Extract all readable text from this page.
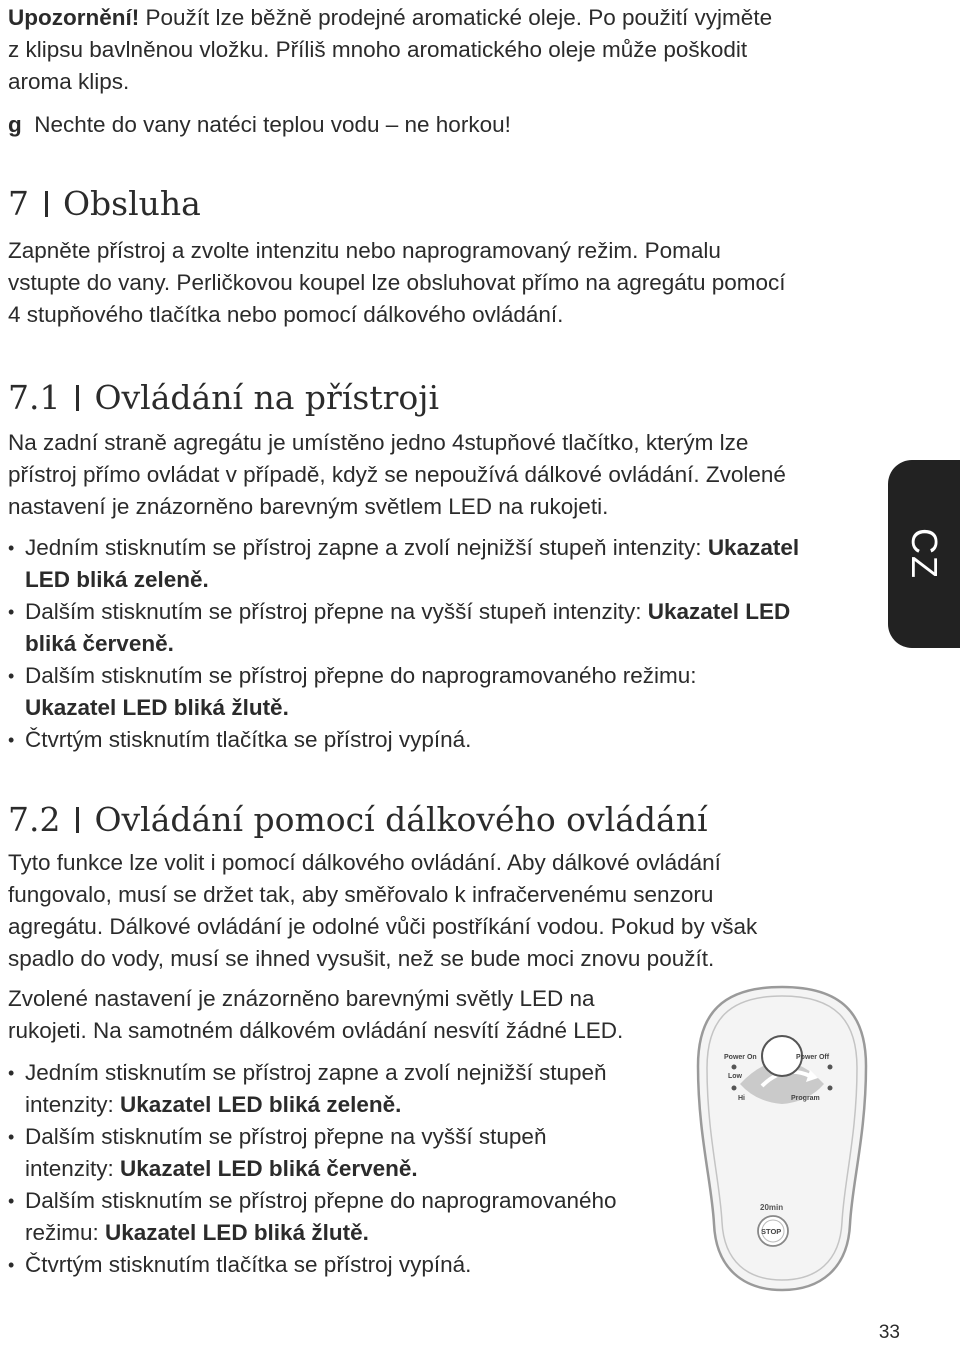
Upozornění! Použít lze běžně prodejné aromatické oleje. Po použití vyjměte

z klipsu bavlněnou vložku. Příliš mnoho aromatického oleje může poškodit

aroma klips.

g Nechte do vany natéci teplou vodu – ne horkou!
7 Obsluha

Zapněte přístroj a zvolte intenzitu nebo naprogramovaný režim. Pomalu

vstupte do vany. Perličkovou koupel lze obsluhovat přímo na agregátu pomocí

4 stupňového tlačítka nebo pomocí dálkového ovládání.

7.1 Ovládání na přístroji

Na zadní straně agregátu je umístěno jedno 4stupňové tlačítko, kterým lze

přístroj přímo ovládat v případě, když se nepoužívá dálkové ovládání. Zvolené

nastavení je znázorněno barevným světlem LED na rukojeti.

• Jedním stisknutím se přístroj zapne a zvolí nejnižší stupeň intenzity: Ukazatel
LED bliká zeleně.
• Dalším stisknutím se přístroj přepne na vyšší stupeň intenzity: Ukazatel LED
bliká červeně.
• Dalším stisknutím se přístroj přepne do naprogramovaného režimu:
Ukazatel LED bliká žlutě.
• Čtvrtým stisknutím tlačítka se přístroj vypíná.
CZ
7.2 Ovládání pomocí dálkového ovládání

Tyto funkce lze volit i pomocí dálkového ovládání. Aby dálkové ovládání

fungovalo, musí se držet tak, aby směřovalo k infračervenému senzoru

agregátu. Dálkové ovládání je odolné vůči postříkání vodou. Pokud by však

spadlo do vody, musí se ihned vysušit, než se bude moci znovu použít.

Zvolené nastavení je znázorněno barevnými světly LED na

rukojeti. Na samotném dálkovém ovládání nesvítí žádné LED.

• Jedním stisknutím se přístroj zapne a zvolí nejnižší stupeň
intenzity: Ukazatel LED bliká zeleně.
• Dalším stisknutím se přístroj přepne na vyšší stupeň
intenzity: Ukazatel LED bliká červeně.
• Dalším stisknutím se přístroj přepne do naprogramovaného
režimu: Ukazatel LED bliká žlutě.
• Čtvrtým stisknutím tlačítka se přístroj vypíná.
Power On	Power Off
Low
Hi	Program
20min
STOP
33
